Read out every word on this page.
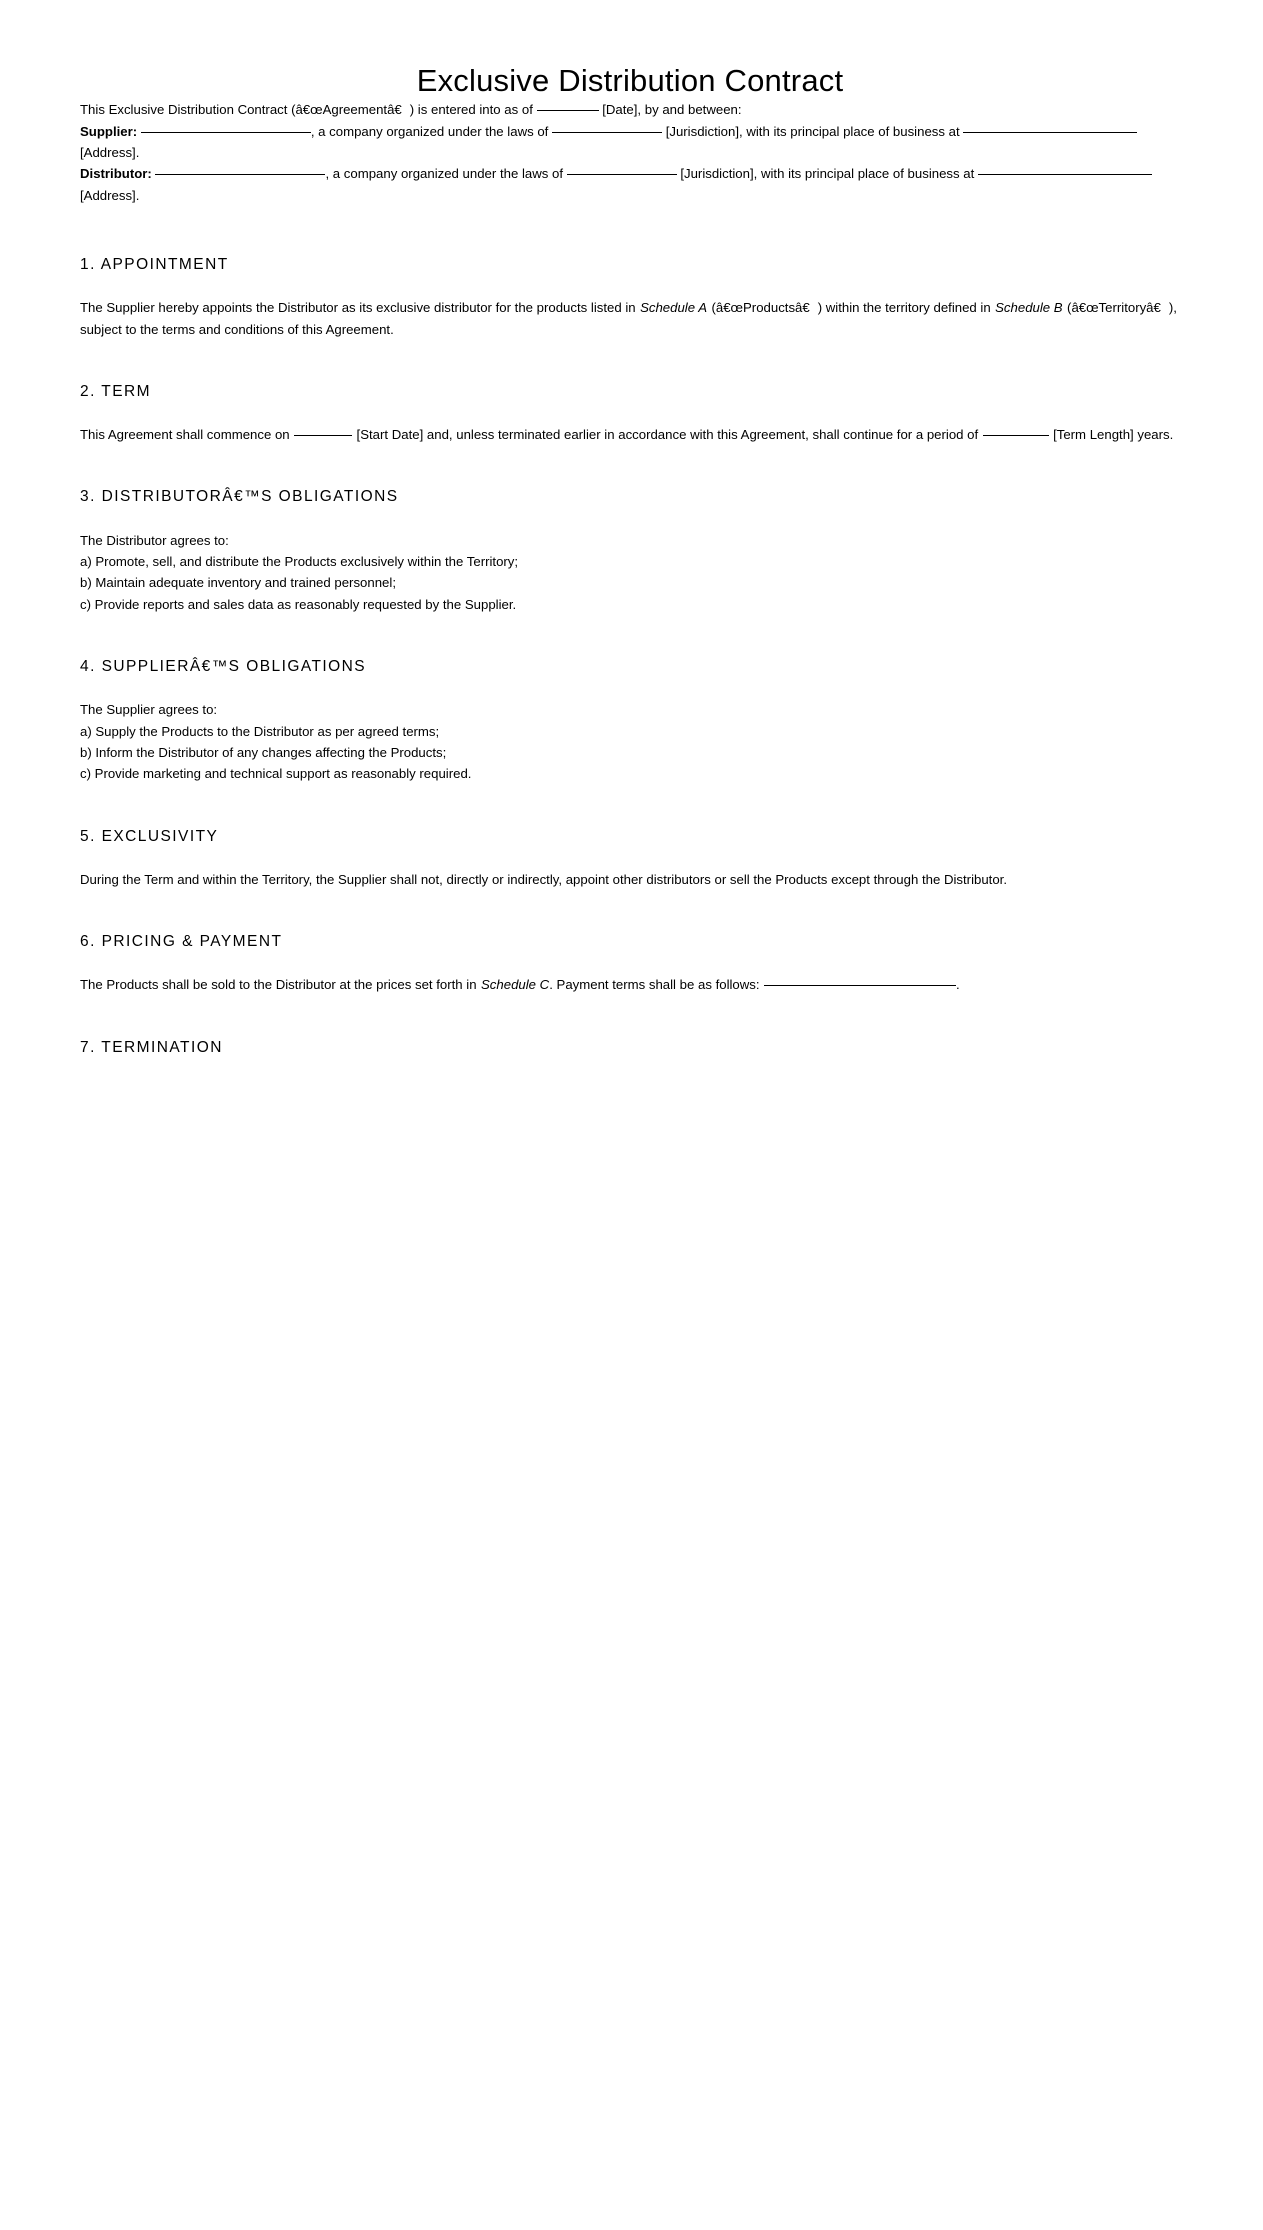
Exclusive Distribution Contract

This Exclusive Distribution Contract (â€œAgreementâ€) is entered into as of	[Date], by and between:

Supplier:	, a company organized under the laws of	[Jurisdiction], with its principal place of business at  [Address].

Distributor:	, a company organized under the laws of	[Jurisdiction], with its principal place of business at  [Address].

1. APPOINTMENT
The Supplier hereby appoints the Distributor as its exclusive distributor for the products listed in Schedule A (â€œProductsâ€) within the territory defined in Schedule B (â€œTerritoryâ€), subject to the terms and conditions of this Agreement.
2. TERM
This Agreement shall commence on	[Start Date] and, unless terminated earlier in accordance with this Agreement, shall continue for a period of	[Term Length] years.
3. DISTRIBUTORÂ€™S OBLIGATIONS
The Distributor agrees to:
a) Promote, sell, and distribute the Products exclusively within the Territory;
b) Maintain adequate inventory and trained personnel;
c) Provide reports and sales data as reasonably requested by the Supplier.
4. SUPPLIERÂ€™S OBLIGATIONS
The Supplier agrees to:
a) Supply the Products to the Distributor as per agreed terms;
b) Inform the Distributor of any changes affecting the Products;
c) Provide marketing and technical support as reasonably required.
5. EXCLUSIVITY

During the Term and within the Territory, the Supplier shall not, directly or indirectly, appoint other distributors or sell the Products except through the Distributor.

6. PRICING & PAYMENT
The Products shall be sold to the Distributor at the prices set forth in Schedule C. Payment terms shall be as follows:	.
7. TERMINATION
